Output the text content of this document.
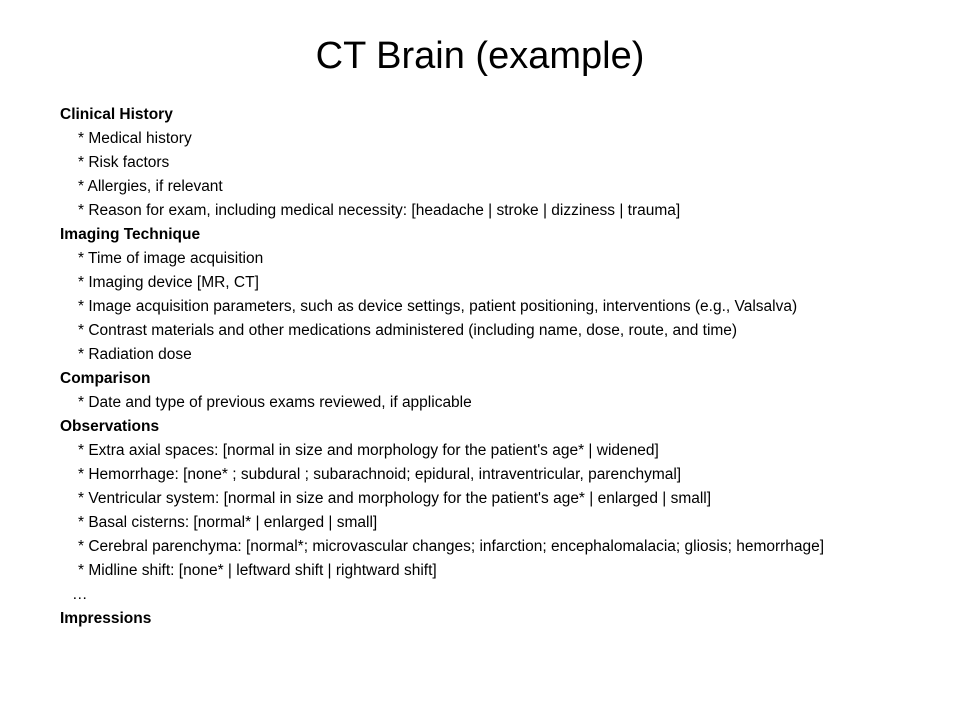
CT Brain (example)
Clinical History
* Medical history
* Risk factors
* Allergies, if relevant
* Reason for exam, including medical necessity: [headache | stroke | dizziness | trauma]
Imaging Technique
* Time of image acquisition
* Imaging device [MR, CT]
* Image acquisition parameters, such as device settings, patient positioning, interventions (e.g., Valsalva)
* Contrast materials and other medications administered (including name, dose, route, and time)
* Radiation dose
Comparison
* Date and type of previous exams reviewed, if applicable
Observations
* Extra axial spaces: [normal in size and morphology for the patient's age* | widened]
* Hemorrhage: [none* ; subdural ; subarachnoid; epidural, intraventricular, parenchymal]
* Ventricular system: [normal in size and morphology for the patient's age* | enlarged | small]
* Basal cisterns: [normal* | enlarged | small]
* Cerebral parenchyma: [normal*; microvascular changes; infarction; encephalomalacia; gliosis; hemorrhage]
* Midline shift: [none* | leftward shift | rightward shift]
…
Impressions
